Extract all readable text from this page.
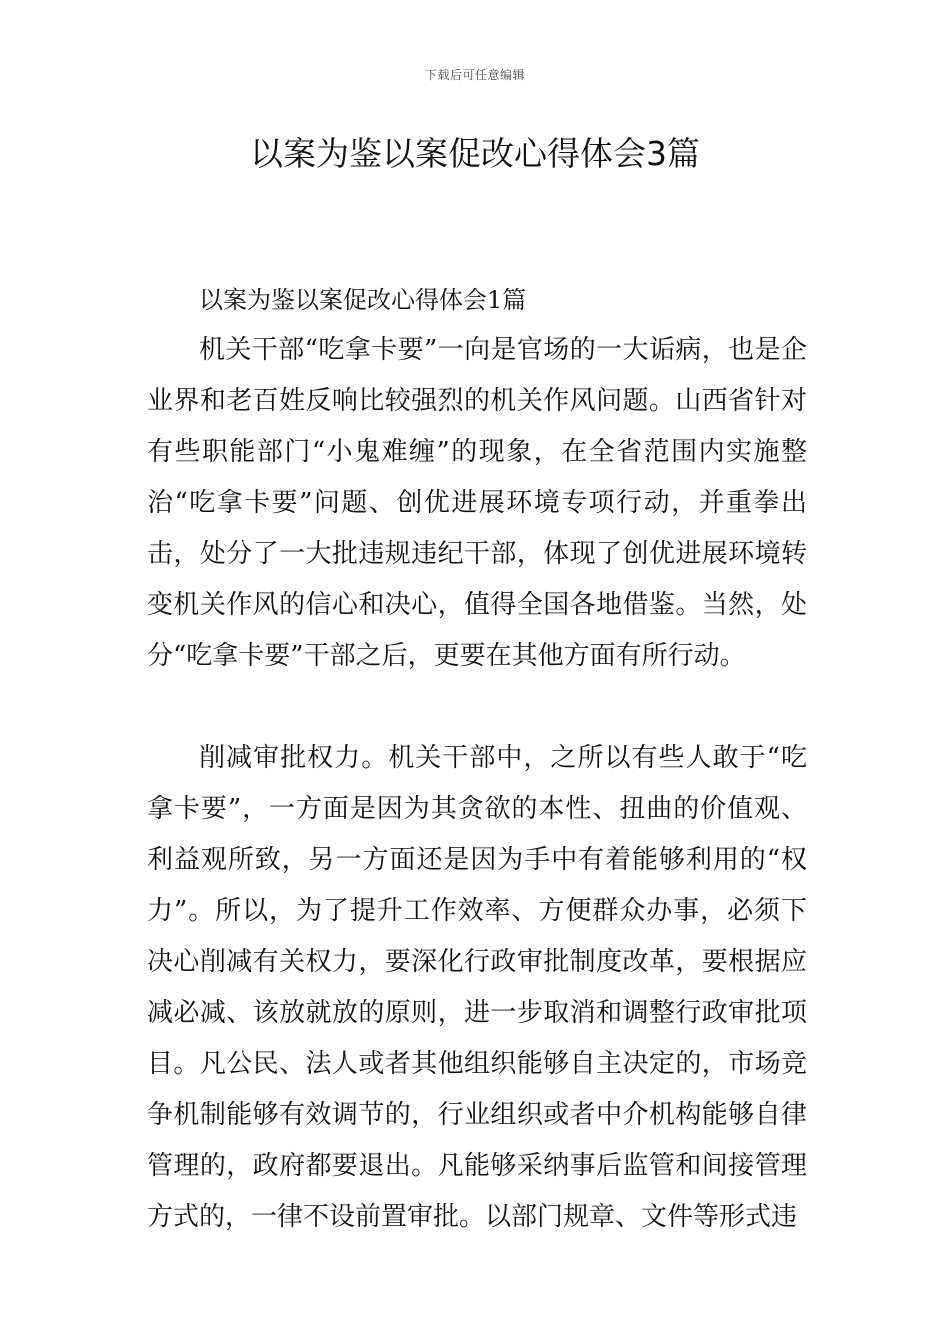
下载后可任意编辑
以案为鉴以案促改心得体会3篇
以案为鉴以案促改心得体会1篇

机关干部“吃拿卡要”一向是官场的一大诟病，也是企业界和老百姓反响比较强烈的机关作风问题。山西省针对有些职能部门“小鬼难缠”的现象，在全省范围内实施整治“吃拿卡要”问题、创优进展环境专项行动，并重拳出击，处分了一大批违规违纪干部，体现了创优进展环境转变机关作风的信心和决心，值得全国各地借鉴。当然，处分“吃拿卡要”干部之后，更要在其他方面有所行动。

削减审批权力。机关干部中，之所以有些人敢于“吃拿卡要”，一方面是因为其贪欲的本性、扭曲的价值观、利益观所致，另一方面还是因为手中有着能够利用的“权力”。所以，为了提升工作效率、方便群众办事，必须下决心削减有关权力，要深化行政审批制度改革，要根据应减必减、该放就放的原则，进一步取消和调整行政审批项目。凡公民、法人或者其他组织能够自主决定的，市场竞争机制能够有效调节的，行业组织或者中介机构能够自律管理的，政府都要退出。凡能够采纳事后监管和间接管理方式的，一律不设前置审批。以部门规章、文件等形式违
